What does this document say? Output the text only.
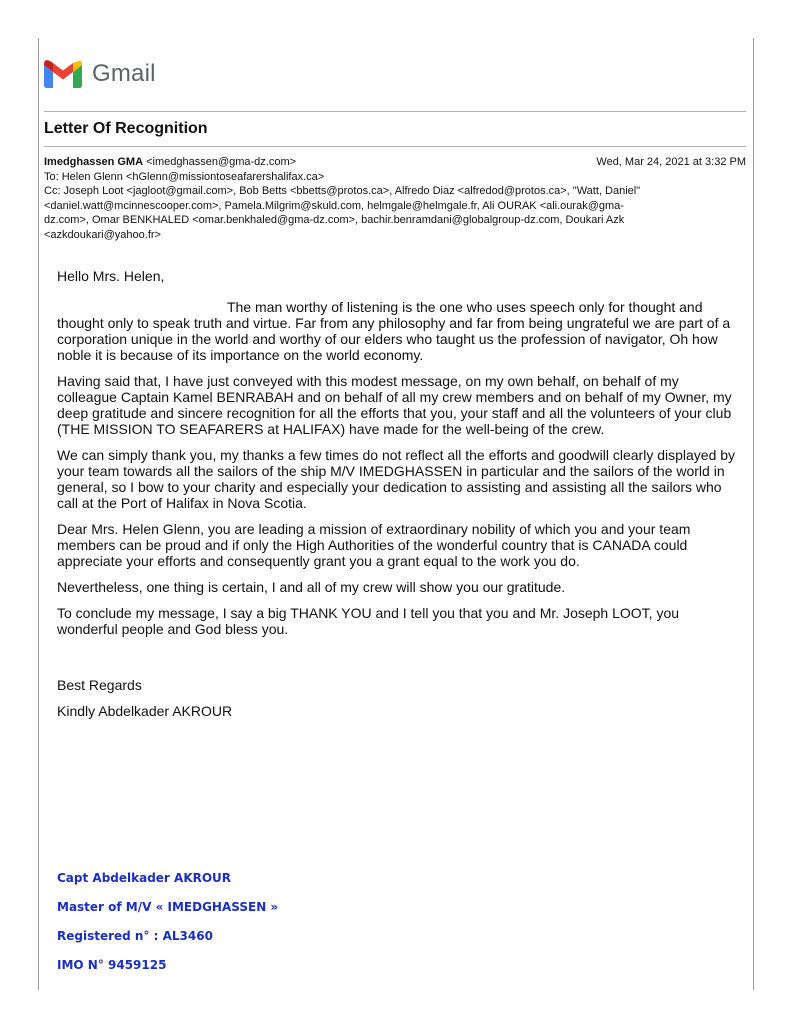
Gmail
Letter Of Recognition
Imedghassen GMA <imedghassen@gma-dz.com>	Wed, Mar 24, 2021 at 3:32 PM
To: Helen Glenn <hGlenn@missiontoseafarershalifax.ca>
Cc: Joseph Loot <jagloot@gmail.com>, Bob Betts <bbetts@protos.ca>, Alfredo Diaz <alfredod@protos.ca>, "Watt, Daniel"
<daniel.watt@mcinnescooper.com>, Pamela.Milgrim@skuld.com, helmgale@helmgale.fr, Ali OURAK <ali.ourak@gma-
dz.com>, Omar BENKHALED <omar.benkhaled@gma-dz.com>, bachir.benramdani@globalgroup-dz.com, Doukari Azk
<azkdoukari@yahoo.fr>

Hello Mrs. Helen,

The man worthy of listening is the one who uses speech only for thought and thought only to speak truth and virtue. Far from any philosophy and far from being ungrateful we are part of a corporation unique in the world and worthy of our elders who taught us the profession of navigator, Oh how noble it is because of its importance on the world economy.

Having said that, I have just conveyed with this modest message, on my own behalf, on behalf of my colleague Captain Kamel BENRABAH and on behalf of all my crew members and on behalf of my Owner, my deep gratitude and sincere recognition for all the efforts that you, your staff and all the volunteers of your club (THE MISSION TO SEAFARERS at HALIFAX) have made for the well-being of the crew.

We can simply thank you, my thanks a few times do not reflect all the efforts and goodwill clearly displayed by your team towards all the sailors of the ship M/V IMEDGHASSEN in particular and the sailors of the world in general, so I bow to your charity and especially your dedication to assisting and assisting all the sailors who call at the Port of Halifax in Nova Scotia.

Dear Mrs. Helen Glenn, you are leading a mission of extraordinary nobility of which you and your team members can be proud and if only the High Authorities of the wonderful country that is CANADA could appreciate your efforts and consequently grant you a grant equal to the work you do.

Nevertheless, one thing is certain, I and all of my crew will show you our gratitude.

To conclude my message, I say a big THANK YOU and I tell you that you and Mr. Joseph LOOT, you wonderful people and God bless you.

Best Regards

Kindly Abdelkader AKROUR

Capt Abdelkader AKROUR
Master of M/V « IMEDGHASSEN »
Registered n° : AL3460
IMO N° 9459125
